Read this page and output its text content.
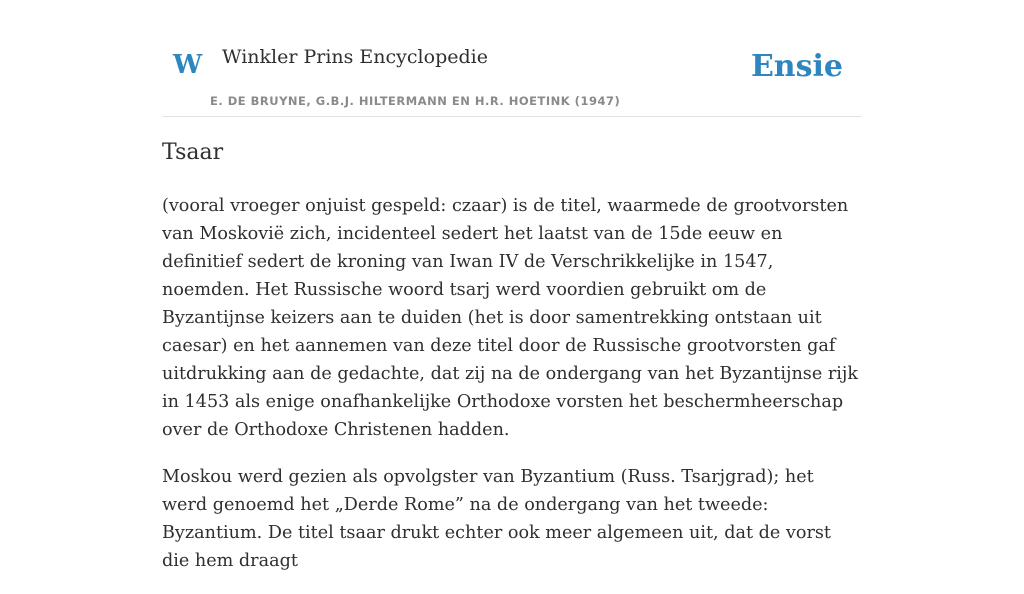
W Winkler Prins Encyclopedie
E. DE BRUYNE, G.B.J. HILTERMANN EN H.R. HOETINK (1947)
Ensie
Tsaar

(vooral vroeger onjuist gespeld: czaar) is de titel, waarmede de grootvorsten van Moskovië zich, incidenteel sedert het laatst van de 15de eeuw en definitief sedert de kroning van Iwan IV de Verschrikkelijke in 1547, noemden. Het Russische woord tsarj werd voordien gebruikt om de Byzantijnse keizers aan te duiden (het is door samentrekking ontstaan uit caesar) en het aannemen van deze titel door de Russische grootvorsten gaf uitdrukking aan de gedachte, dat zij na de ondergang van het Byzantijnse rijk in 1453 als enige onafhankelijke Orthodoxe vorsten het beschermheerschap over de Orthodoxe Christenen hadden.

Moskou werd gezien als opvolgster van Byzantium (Russ. Tsarjgrad); het werd genoemd het „Derde Rome” na de ondergang van het tweede: Byzantium. De titel tsaar drukt echter ook meer algemeen uit, dat de vorst die hem draagt
